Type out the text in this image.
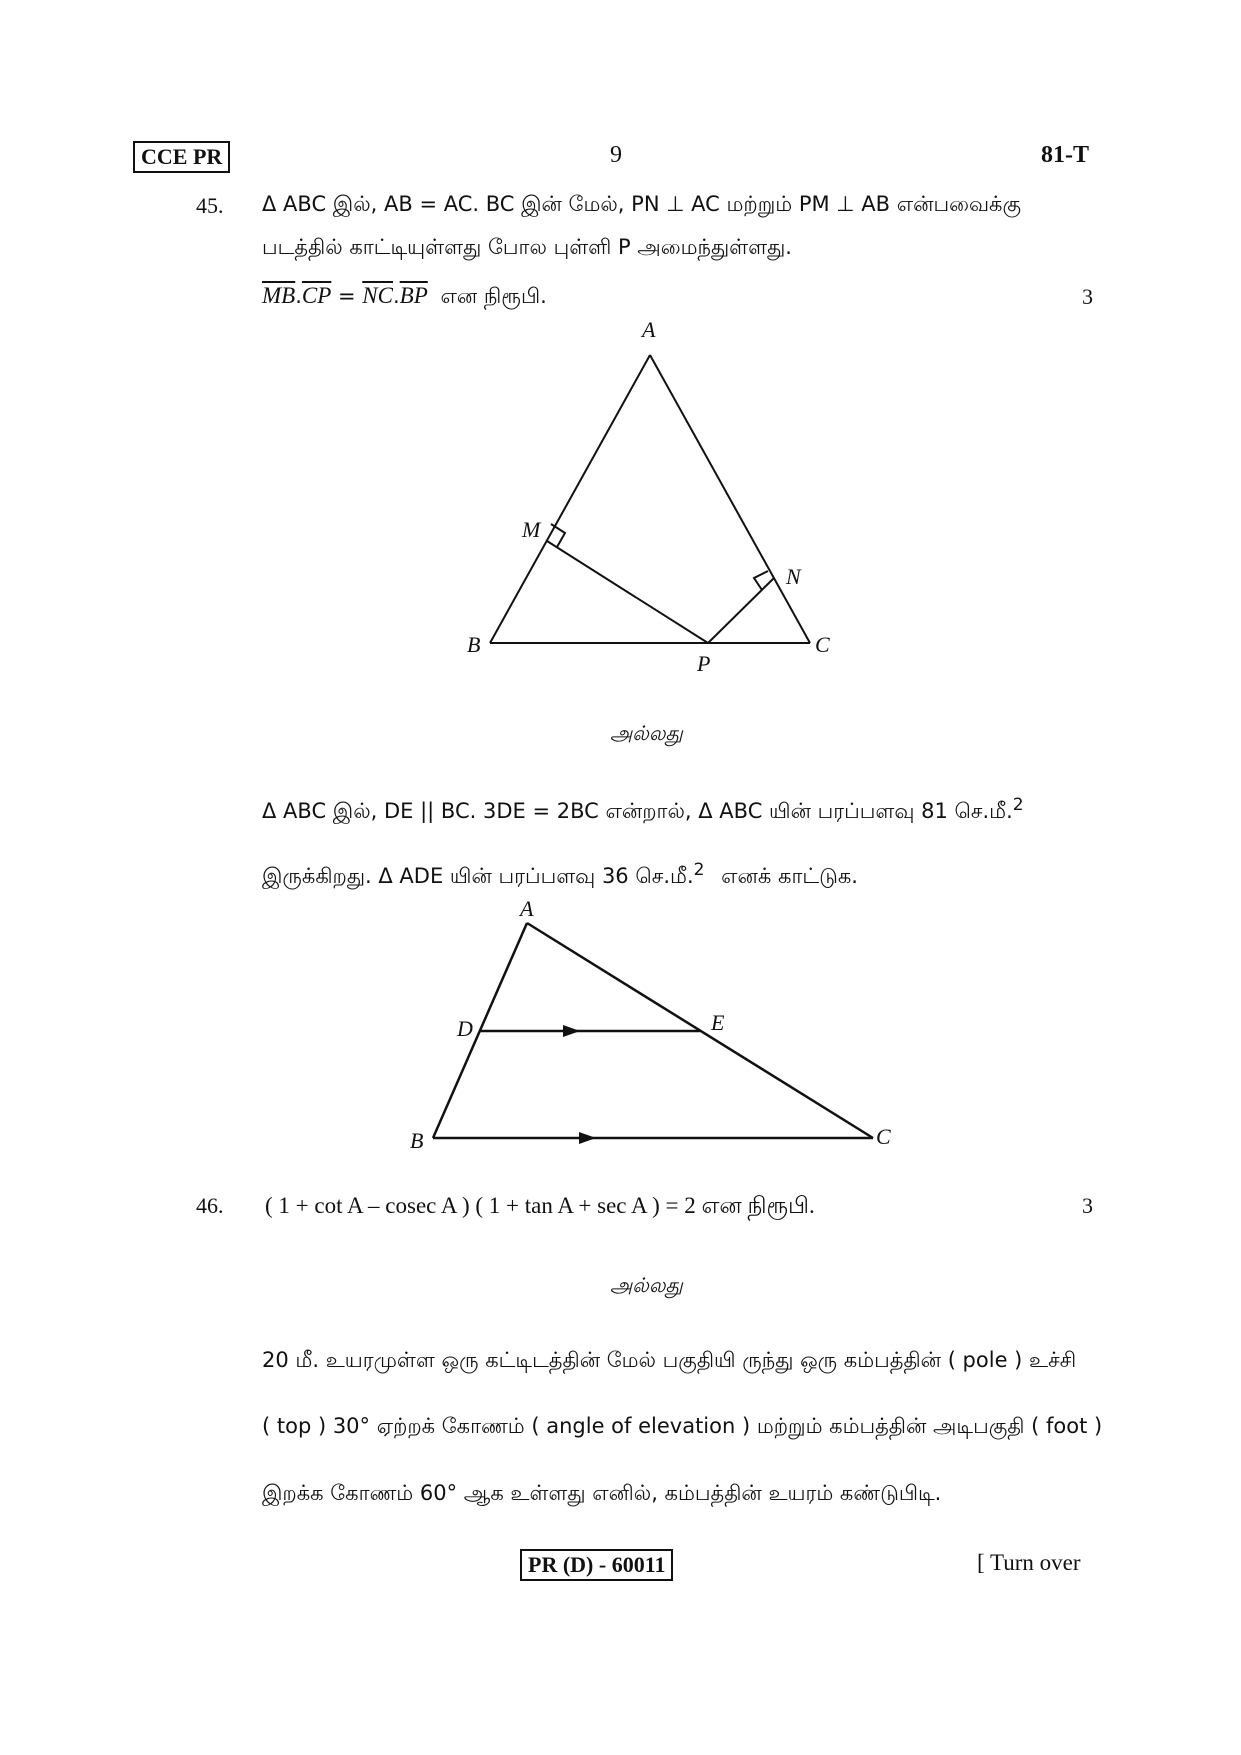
CCE PR	9	81-T
45. Δ ABC இல், AB = AC. BC இன் மேல், PN ⊥ AC மற்றும் PM ⊥ AB என்பவைக்கு
படத்தில் காட்டியுள்ளது போல புள்ளி P அமைந்துள்ளது.
$\overline{MB}.\overline{CP} = \overline{NC}.\overline{BP}$ என நிரூபி.	3
A
M
N
B	C
P
அல்லது
Δ ABC இல், DE || BC. 3DE = 2BC என்றால், Δ ABC யின் பரப்பளவு 81 செ.மீ.$^2$
இருக்கிறது. Δ ADE யின் பரப்பளவு 36 செ.மீ.$^2$ எனக் காட்டுக.
A
D	E
B	C
46. ( 1 + cot A – cosec A ) ( 1 + tan A + sec A ) = 2 என நிரூபி.	3
அல்லது
20 மீ. உயரமுள்ள ஒரு கட்டிடத்தின் மேல் பகுதியி ருந்து ஒரு கம்பத்தின் ( pole ) உச்சி
( top ) 30° ஏற்றக் கோணம் ( angle of elevation ) மற்றும் கம்பத்தின் அடிபகுதி ( foot )
இறக்க கோணம் 60° ஆக உள்ளது எனில், கம்பத்தின் உயரம் கண்டுபிடி.
PR (D) - 60011	[ Turn over
